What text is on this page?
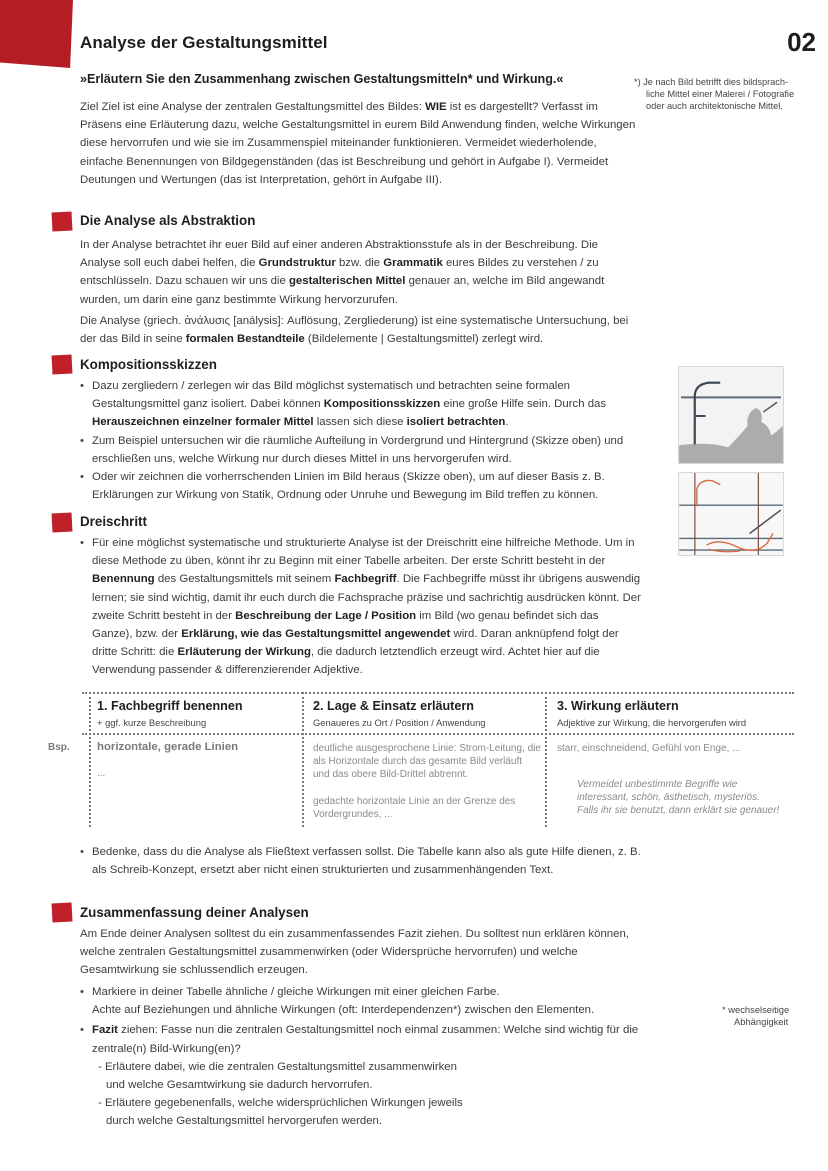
Analyse der Gestaltungsmittel	02
»Erläutern Sie den Zusammenhang zwischen Gestaltungsmitteln* und Wirkung.«	*) Je nach Bild betrifft dies bildsprach-
liche Mittel einer Malerei / Fotografie
oder auch architektonische Mittel.
Ziel Ziel ist eine Analyse der zentralen Gestaltungsmittel des Bildes: WIE ist es dargestellt? Verfasst im Präsens eine Erläuterung dazu, welche Gestaltungsmittel in eurem Bild Anwendung finden, welche Wirkungen diese hervorrufen und wie sie im Zusammenspiel miteinander funktionieren. Vermeidet wiederholende, einfache Benennungen von Bildgegenständen (das ist Beschreibung und gehört in Aufgabe I). Vermeidet Deutungen und Wertungen (das ist Interpretation, gehört in Aufgabe III).
Die Analyse als Abstraktion
In der Analyse betrachtet ihr euer Bild auf einer anderen Abstraktionsstufe als in der Beschreibung. Die Analyse soll euch dabei helfen, die Grundstruktur bzw. die Grammatik eures Bildes zu verstehen / zu entschlüsseln. Dazu schauen wir uns die gestalterischen Mittel genauer an, welche im Bild angewandt wurden, um darin eine ganz bestimmte Wirkung hervorzurufen.
Die Analyse (griech. ἀνάλυσις [análysis]: Auflösung, Zergliederung) ist eine systematische Untersuchung, bei der das Bild in seine formalen Bestandteile (Bildelemente | Gestaltungsmittel) zerlegt wird.
Kompositionsskizzen
• Dazu zergliedern / zerlegen wir das Bild möglichst systematisch und betrachten seine formalen Gestaltungsmittel ganz isoliert. Dabei können Kompositionsskizzen eine große Hilfe sein. Durch das Herauszeichnen einzelner formaler Mittel lassen sich diese isoliert betrachten.
• Zum Beispiel untersuchen wir die räumliche Aufteilung in Vordergrund und Hintergrund (Skizze oben) und erschließen uns, welche Wirkung nur durch dieses Mittel in uns hervorgerufen wird.
• Oder wir zeichnen die vorherrschenden Linien im Bild heraus (Skizze oben), um auf dieser Basis z. B. Erklärungen zur Wirkung von Statik, Ordnung oder Unruhe und Bewegung im Bild treffen zu können.
Dreischritt
• Für eine möglichst systematische und strukturierte Analyse ist der Dreischritt eine hilfreiche Methode. Um in diese Methode zu üben, könnt ihr zu Beginn mit einer Tabelle arbeiten. Der erste Schritt besteht in der Benennung des Gestaltungsmittels mit seinem Fachbegriff. Die Fachbegriffe müsst ihr übrigens auswendig lernen; sie sind wichtig, damit ihr euch durch die Fachsprache präzise und sachrichtig ausdrücken könnt. Der zweite Schritt besteht in der Beschreibung der Lage / Position im Bild (wo genau befindet sich das Ganze), bzw. der Erklärung, wie das Gestaltungsmittel angewendet wird. Daran anknüpfend folgt der dritte Schritt: die Erläuterung der Wirkung, die dadurch letztendlich erzeugt wird. Achtet hier auf die Verwendung passender & differenzierender Adjektive.
1. Fachbegriff benennen
+ ggf. kurze Beschreibung
2. Lage & Einsatz erläutern
Genaueres zu Ort / Position / Anwendung
3. Wirkung erläutern
Adjektive zur Wirkung, die hervorgerufen wird
Bsp. horizontale, gerade Linien
...
deutliche ausgesprochene Linie: Strom-Leitung, die als Horizontale durch das gesamte Bild verläuft und das obere Bild-Drittel abtrennt.
gedachte horizontale Linie an der Grenze des Vordergrundes, ...
starr, einschneidend, Gefühl von Enge, ...
Vermeidet unbestimmte Begriffe wie
interessant, schön, ästhetisch, mysteriös.
Falls ihr sie benutzt, dann erklärt sie genauer!
• Bedenke, dass du die Analyse als Fließtext verfassen sollst. Die Tabelle kann also als gute Hilfe dienen, z. B. als Schreib-Konzept, ersetzt aber nicht einen strukturierten und zusammenhängenden Text.
Zusammenfassung deiner Analysen
Am Ende deiner Analysen solltest du ein zusammenfassendes Fazit ziehen. Du solltest nun erklären können, welche zentralen Gestaltungsmittel zusammenwirken (oder Widersprüche hervorrufen) und welche Gesamtwirkung sie schlussendlich erzeugen.
• Markiere in deiner Tabelle ähnliche / gleiche Wirkungen mit einer gleichen Farbe.
Achte auf Beziehungen und ähnliche Wirkungen (oft: Interdependenzen*) zwischen den Elementen.
• Fazit ziehen: Fasse nun die zentralen Gestaltungsmittel noch einmal zusammen: Welche sind wichtig für die zentrale(n) Bild-Wirkung(en)?
- Erläutere dabei, wie die zentralen Gestaltungsmittel zusammenwirken
und welche Gesamtwirkung sie dadurch hervorrufen.
- Erläutere gegebenenfalls, welche widersprüchlichen Wirkungen jeweils
durch welche Gestaltungsmittel hervorgerufen werden.
* wechselseitige
Abhängigkeit
